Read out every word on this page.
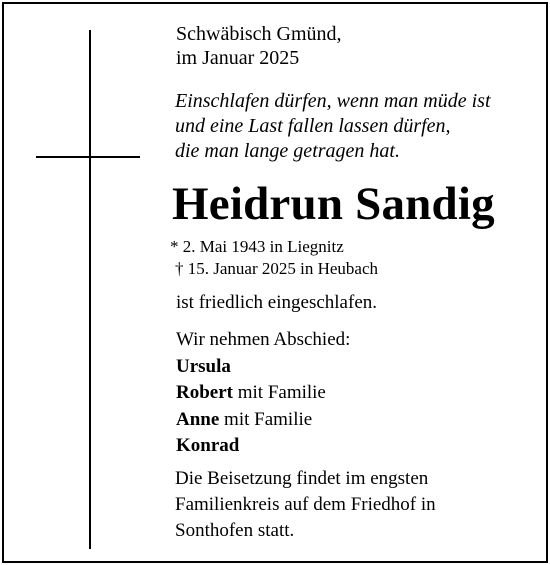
Schwäbisch Gmünd,
im Januar 2025
Einschlafen dürfen, wenn man müde ist
und eine Last fallen lassen dürfen,
die man lange getragen hat.
Heidrun Sandig
* 2. Mai 1943 in Liegnitz
† 15. Januar 2025 in Heubach
ist friedlich eingeschlafen.
Wir nehmen Abschied:
Ursula
Robert mit Familie
Anne mit Familie
Konrad
Die Beisetzung findet im engsten
Familienkreis auf dem Friedhof in
Sonthofen statt.
